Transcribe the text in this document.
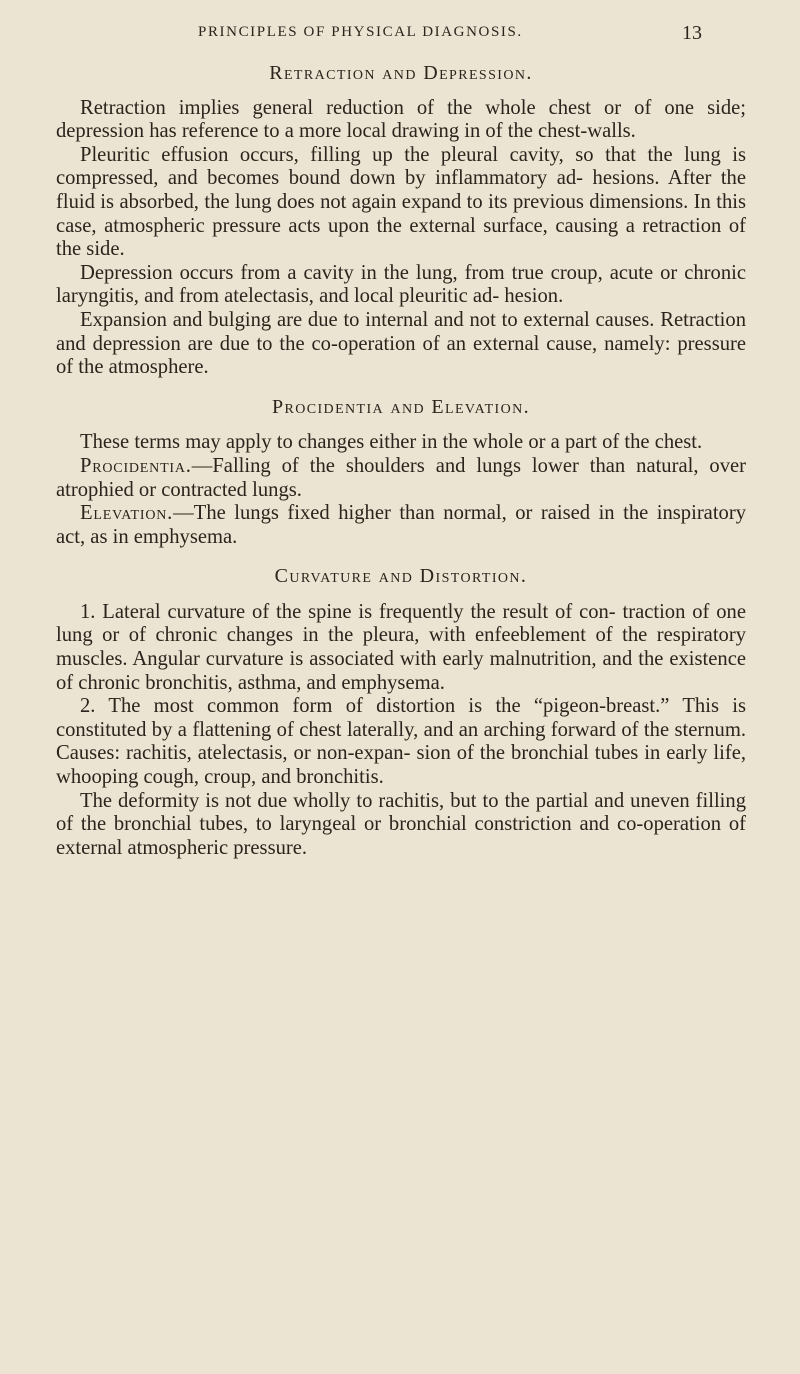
PRINCIPLES OF PHYSICAL DIAGNOSIS.	13
Retraction and Depression.

Retraction implies general reduction of the whole chest or of one side; depression has reference to a more local drawing in of the chest-walls.

Pleuritic effusion occurs, filling up the pleural cavity, so that the lung is compressed, and becomes bound down by inflammatory ad- hesions. After the fluid is absorbed, the lung does not again expand to its previous dimensions. In this case, atmospheric pressure acts upon the external surface, causing a retraction of the side.

Depression occurs from a cavity in the lung, from true croup, acute or chronic laryngitis, and from atelectasis, and local pleuritic ad- hesion.

Expansion and bulging are due to internal and not to external causes. Retraction and depression are due to the co-operation of an external cause, namely: pressure of the atmosphere.

Procidentia and Elevation.

These terms may apply to changes either in the whole or a part of the chest.

Procidentia.—Falling of the shoulders and lungs lower than natural, over atrophied or contracted lungs.

Elevation.—The lungs fixed higher than normal, or raised in the inspiratory act, as in emphysema.

Curvature and Distortion.

1. Lateral curvature of the spine is frequently the result of con- traction of one lung or of chronic changes in the pleura, with enfeeblement of the respiratory muscles. Angular curvature is associated with early malnutrition, and the existence of chronic bronchitis, asthma, and emphysema.

2. The most common form of distortion is the “pigeon-breast.” This is constituted by a flattening of chest laterally, and an arching forward of the sternum. Causes: rachitis, atelectasis, or non-expan- sion of the bronchial tubes in early life, whooping cough, croup, and bronchitis.

The deformity is not due wholly to rachitis, but to the partial and uneven filling of the bronchial tubes, to laryngeal or bronchial constriction and co-operation of external atmospheric pressure.
